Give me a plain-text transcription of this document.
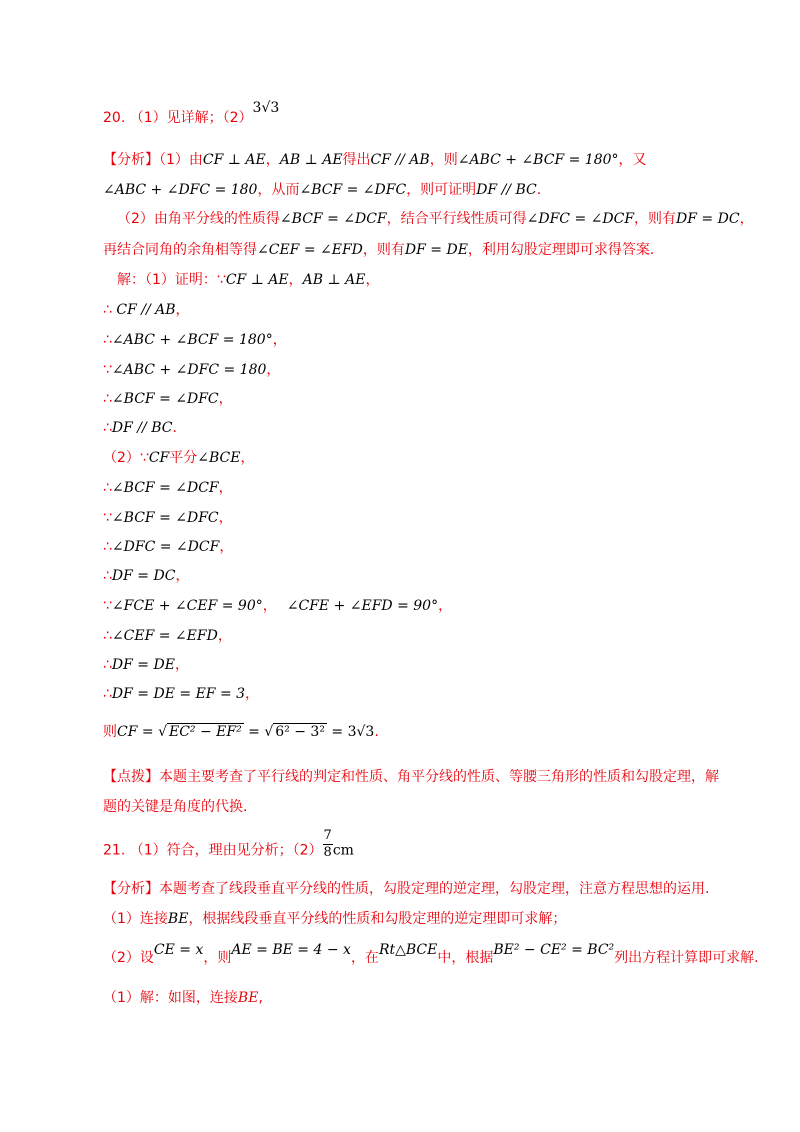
20. （1）见详解；（2）3√3
【分析】（1）由CF ⊥ AE，AB ⊥ AE得出CF // AB，则∠ABC + ∠BCF = 180°，又
∠ABC + ∠DFC = 180，从而∠BCF = ∠DFC，则可证明DF // BC.
（2）由角平分线的性质得∠BCF = ∠DCF，结合平行线性质可得∠DFC = ∠DCF，则有DF = DC，
再结合同角的余角相等得∠CEF = ∠EFD，则有DF = DE，利用勾股定理即可求得答案.
解：（1）证明：∵CF ⊥ AE，AB ⊥ AE，
∴ CF // AB，
∴∠ABC + ∠BCF = 180°，
∵∠ABC + ∠DFC = 180，
∴∠BCF = ∠DFC，
∴DF // BC.
（2）∵CF平分∠BCE，
∴∠BCF = ∠DCF，
∵∠BCF = ∠DFC，
∴∠DFC = ∠DCF，
∴DF = DC，
∵∠FCE + ∠CEF = 90°， ∠CFE + ∠EFD = 90°，
∴∠CEF = ∠EFD，
∴DF = DE，
∴DF = DE = EF = 3，
则CF = √ EC² − EF² = √ 6² − 3² = 3√3.
【点拨】本题主要考查了平行线的判定和性质、角平分线的性质、等腰三角形的性质和勾股定理，解
题的关键是角度的代换.
21. （1）符合，理由见分析；$(2) \frac{7}{8}$ cm
【分析】本题考查了线段垂直平分线的性质，勾股定理的逆定理，勾股定理，注意方程思想的运用.
（1）连接BE，根据线段垂直平分线的性质和勾股定理的逆定理即可求解；
（2）设CE = x，则AE = BE = 4 − x，在Rt△BCE中，根据BE² − CE² = BC²列出方程计算即可求解.
（1）解：如图，连接BE,
